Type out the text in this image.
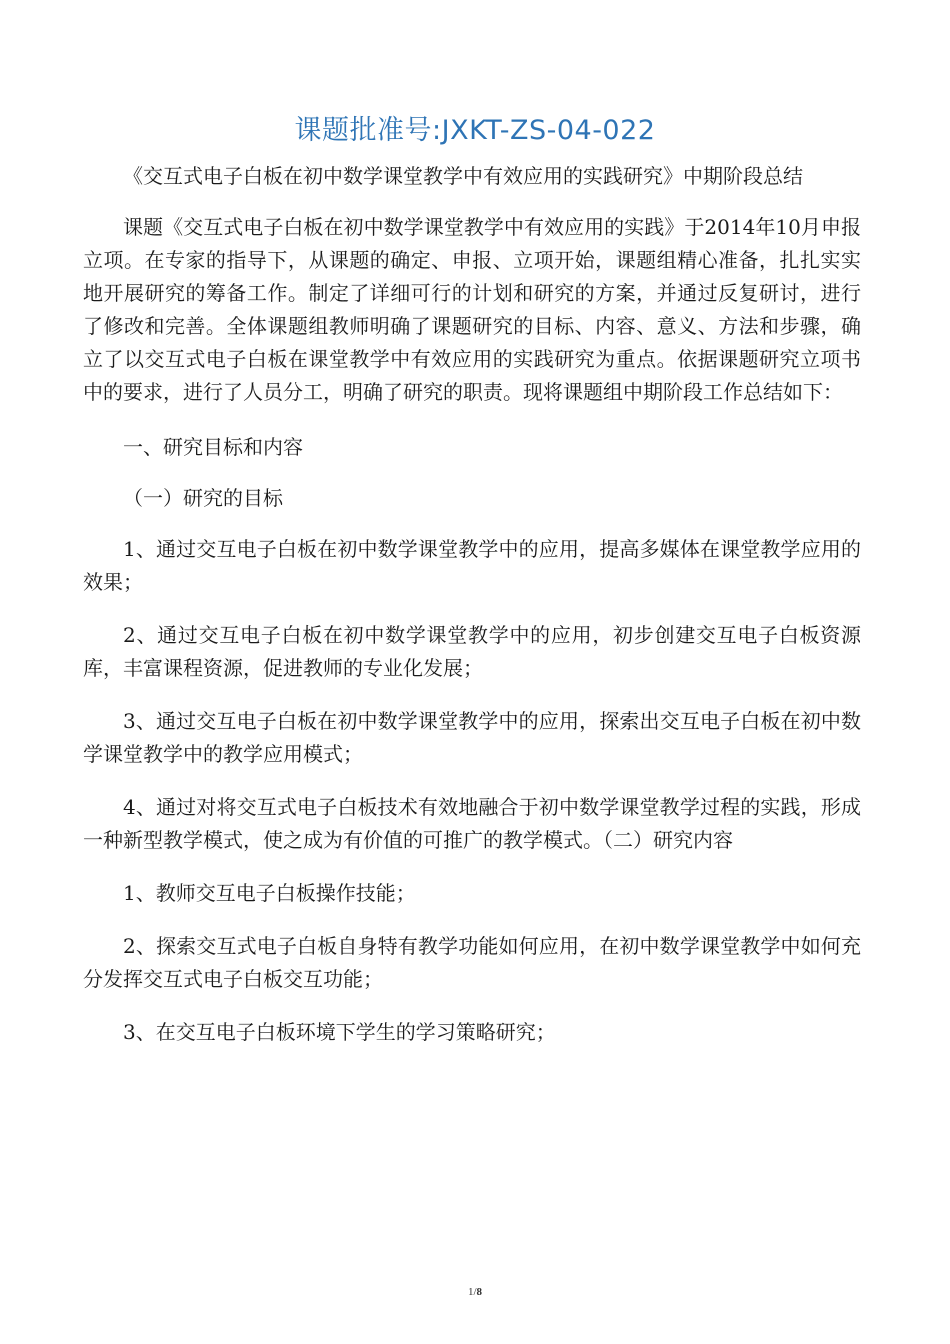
课题批准号:JXKT-ZS-04-022

《交互式电子白板在初中数学课堂教学中有效应用的实践研究》中期阶段总结

课题《交互式电子白板在初中数学课堂教学中有效应用的实践》于2014年10月申报立项。在专家的指导下，从课题的确定、申报、立项开始，课题组精心准备，扎扎实实地开展研究的筹备工作。制定了详细可行的计划和研究的方案，并通过反复研讨，进行了修改和完善。全体课题组教师明确了课题研究的目标、内容、意义、方法和步骤，确立了以交互式电子白板在课堂教学中有效应用的实践研究为重点。依据课题研究立项书中的要求，进行了人员分工，明确了研究的职责。现将课题组中期阶段工作总结如下：

一、研究目标和内容

（一）研究的目标

1、通过交互电子白板在初中数学课堂教学中的应用，提高多媒体在课堂教学应用的效果；

2、通过交互电子白板在初中数学课堂教学中的应用，初步创建交互电子白板资源库，丰富课程资源，促进教师的专业化发展；

3、通过交互电子白板在初中数学课堂教学中的应用，探索出交互电子白板在初中数学课堂教学中的教学应用模式；

4、通过对将交互式电子白板技术有效地融合于初中数学课堂教学过程的实践，形成一种新型教学模式，使之成为有价值的可推广的教学模式。（二）研究内容

1、教师交互电子白板操作技能；

2、探索交互式电子白板自身特有教学功能如何应用，在初中数学课堂教学中如何充分发挥交互式电子白板交互功能；

3、在交互电子白板环境下学生的学习策略研究；

1/8
